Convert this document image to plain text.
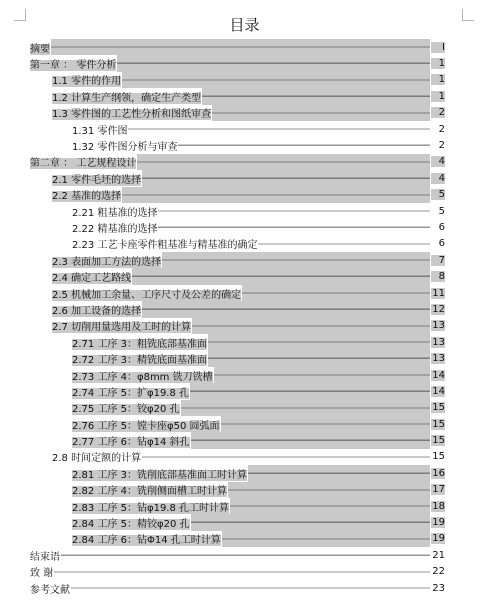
目录
摘要	I
第一章 ： 零件分析	1
1.1 零件的作用	1
1.2 计算生产纲领，确定生产类型	1
1.3 零件图的工艺性分析和图纸审查	2
1.31 零件图	2
1.32 零件图分析与审查	2
第二章 ： 工艺规程设计	4
2.1 零件毛坯的选择	4
2.2 基准的选择	5
2.21 粗基准的选择	5
2.22 精基准的选择	6
2.23 工艺卡座零件粗基准与精基准的确定	6
2.3 表面加工方法的选择	7
2.4 确定工艺路线	8
2.5 机械加工余量、工序尺寸及公差的确定	11
2.6 加工设备的选择	12
2.7 切削用量选用及工时的计算	13
2.71 工序 3：粗铣底部基准面	13
2.72 工序 3：精铣底面基准面	13
2.73 工序 4：φ8mm 铣刀铣槽	14
2.74 工序 5：扩φ19.8 孔	14
2.75 工序 5：铰φ20 孔	15
2.76 工序 5：镗卡座φ50 圆弧面	15
2.77 工序 6：钻φ14 斜孔	15
2.8 时间定额的计算	15
2.81 工序 3：铣削底部基准面工时计算	16
2.82 工序 4：铣削侧面槽工时计算	17
2.83 工序 5：钻φ19.8 孔工时计算	18
2.84 工序 5：精铰φ20 孔	19
2.84 工序 6：钻Φ14 孔工时计算	19
结束语	21
致 谢	22
参考文献	23
